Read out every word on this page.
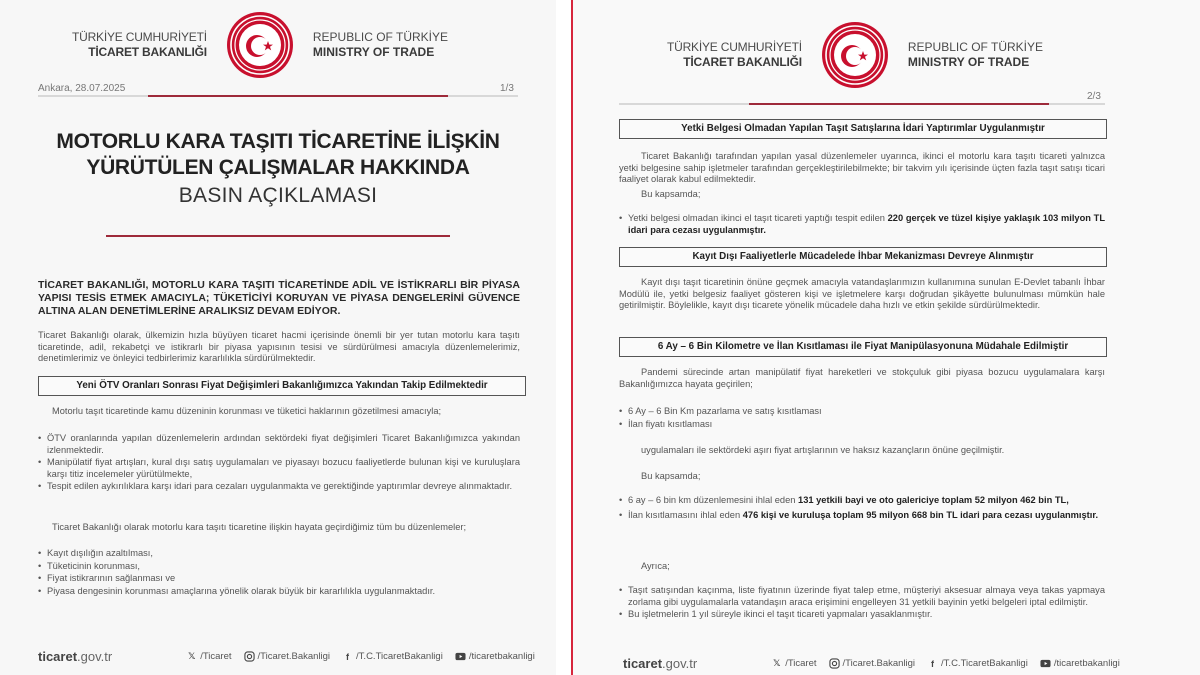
TÜRKİYE CUMHURİYETİ
TİCARET BAKANLIĞI
REPUBLIC OF TÜRKİYE
MINISTRY OF TRADE
Ankara, 28.07.2025	1/3
MOTORLU KARA TAŞITI TİCARETİNE İLİŞKİN
YÜRÜTÜLEN ÇALIŞMALAR HAKKINDA
BASIN AÇIKLAMASI
TİCARET BAKANLIĞI, MOTORLU KARA TAŞITI TİCARETİNDE ADİL VE İSTİKRARLI BİR PİYASA YAPISI TESİS ETMEK AMACIYLA; TÜKETİCİYİ KORUYAN VE PİYASA DENGELERİNİ GÜVENCE ALTINA ALAN DENETİMLERİNE ARALIKSIZ DEVAM EDİYOR.
Ticaret Bakanlığı olarak, ülkemizin hızla büyüyen ticaret hacmi içerisinde önemli bir yer tutan motorlu kara taşıtı ticaretinde, adil, rekabetçi ve istikrarlı bir piyasa yapısının tesisi ve sürdürülmesi amacıyla düzenlemelerimiz, denetimlerimiz ve önleyici tedbirlerimiz kararlılıkla sürdürülmektedir.
Yeni ÖTV Oranları Sonrası Fiyat Değişimleri Bakanlığımızca Yakından Takip Edilmektedir
Motorlu taşıt ticaretinde kamu düzeninin korunması ve tüketici haklarının gözetilmesi amacıyla;
• ÖTV oranlarında yapılan düzenlemelerin ardından sektördeki fiyat değişimleri Ticaret Bakanlığımızca yakından izlenmektedir.
• Manipülatif fiyat artışları, kural dışı satış uygulamaları ve piyasayı bozucu faaliyetlerde bulunan kişi ve kuruluşlara karşı titiz incelemeler yürütülmekte,
• Tespit edilen aykırılıklara karşı idari para cezaları uygulanmakta ve gerektiğinde yaptırımlar devreye alınmaktadır.
Ticaret Bakanlığı olarak motorlu kara taşıtı ticaretine ilişkin hayata geçirdiğimiz tüm bu düzenlemeler;
• Kayıt dışılığın azaltılması,
• Tüketicinin korunması,
• Fiyat istikrarının sağlanması ve
• Piyasa dengesinin korunması amaçlarına yönelik olarak büyük bir kararlılıkla uygulanmaktadır.
ticaret.gov.tr	𝕏 /Ticaret	/Ticaret.Bakanligi	f /T.C.TicaretBakanligi	/ticaretbakanligi
TÜRKİYE CUMHURİYETİ
TİCARET BAKANLIĞI
REPUBLIC OF TÜRKİYE
MINISTRY OF TRADE
2/3
Yetki Belgesi Olmadan Yapılan Taşıt Satışlarına İdari Yaptırımlar Uygulanmıştır
Ticaret Bakanlığı tarafından yapılan yasal düzenlemeler uyarınca, ikinci el motorlu kara taşıtı ticareti yalnızca yetki belgesine sahip işletmeler tarafından gerçekleştirilebilmekte; bir takvim yılı içerisinde üçten fazla taşıt satışı ticari faaliyet olarak kabul edilmektedir.
Bu kapsamda;
• Yetki belgesi olmadan ikinci el taşıt ticareti yaptığı tespit edilen 220 gerçek ve tüzel kişiye yaklaşık 103 milyon TL idari para cezası uygulanmıştır.
Kayıt Dışı Faaliyetlerle Mücadelede İhbar Mekanizması Devreye Alınmıştır
Kayıt dışı taşıt ticaretinin önüne geçmek amacıyla vatandaşlarımızın kullanımına sunulan E-Devlet tabanlı İhbar Modülü ile, yetki belgesiz faaliyet gösteren kişi ve işletmelere karşı doğrudan şikâyette bulunulması mümkün hale getirilmiştir. Böylelikle, kayıt dışı ticarete yönelik mücadele daha hızlı ve etkin şekilde sürdürülmektedir.
6 Ay – 6 Bin Kilometre ve İlan Kısıtlaması ile Fiyat Manipülasyonuna Müdahale Edilmiştir
Pandemi sürecinde artan manipülatif fiyat hareketleri ve stokçuluk gibi piyasa bozucu uygulamalara karşı Bakanlığımızca hayata geçirilen;
• 6 Ay – 6 Bin Km pazarlama ve satış kısıtlaması
• İlan fiyatı kısıtlaması
uygulamaları ile sektördeki aşırı fiyat artışlarının ve haksız kazançların önüne geçilmiştir.
Bu kapsamda;
• 6 ay – 6 bin km düzenlemesini ihlal eden 131 yetkili bayi ve oto galericiye toplam 52 milyon 462 bin TL,
• İlan kısıtlamasını ihlal eden 476 kişi ve kuruluşa toplam 95 milyon 668 bin TL idari para cezası uygulanmıştır.
Ayrıca;
• Taşıt satışından kaçınma, liste fiyatının üzerinde fiyat talep etme, müşteriyi aksesuar almaya veya takas yapmaya zorlama gibi uygulamalarla vatandaşın araca erişimini engelleyen 31 yetkili bayinin yetki belgeleri iptal edilmiştir.
• Bu işletmelerin 1 yıl süreyle ikinci el taşıt ticareti yapmaları yasaklanmıştır.
ticaret.gov.tr	𝕏 /Ticaret	/Ticaret.Bakanligi	f /T.C.TicaretBakanligi	/ticaretbakanligi
